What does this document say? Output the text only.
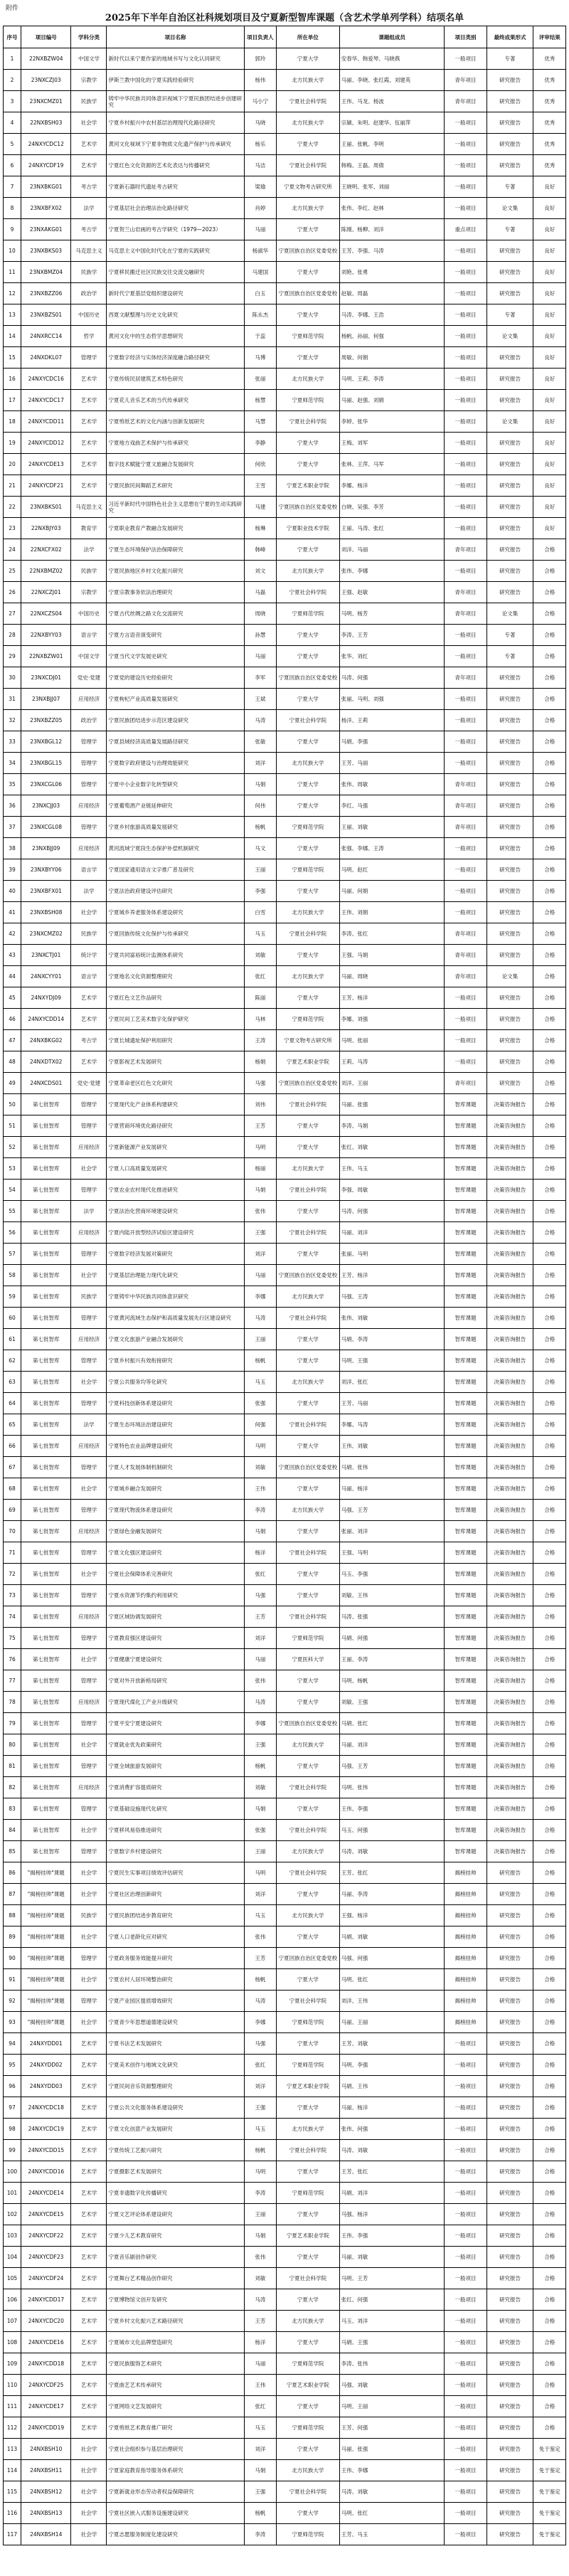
附件
2025年下半年自治区社科规划项目及宁夏新型智库课题（含艺术学单列学科）结项名单
序号	项目编号	学科分类	项目名称	项目负责人	所在单位	课题组成员	项目类别	最终成果形式	评审结果
1	22NXBZW04	中国文学	新时代以来宁夏作家的地域书写与文化认同研究	郭玲	宁夏大学	安春华、韩爱琴、马晓燕	一般项目	专著	优秀
2	23NXCZJ03	宗教学	伊斯兰教中国化的宁夏实践经验研究	杨伟	北方民族大学	马丽、李晓、张红霞、刘建英	青年项目	研究报告	优秀
3	23NXCMZ01	民族学	铸牢中华民族共同体意识视域下宁夏民族团结进步创建研究	马小宁	宁夏社会科学院	王伟、马龙、杨波	青年项目	研究报告	优秀
4	22NXBSH03	社会学	宁夏乡村振兴中农村基层治理现代化路径研究	马晓	北方民族大学	宗颖、朱明、赵建华、伍丽萍	一般项目	研究报告	优秀
5	24NXYCDC12	艺术学	黄河文化视域下宁夏非物质文化遗产保护与传承研究	杨乐	宁夏大学	王丽、张帆、李明	一般项目	研究报告	优秀
6	24NXYCDF19	艺术学	宁夏红色文化资源的艺术化表达与传播研究	马洁	宁夏社会科学院	韩梅、王磊、周倩	一般项目	研究报告	优秀
7	23NXBKG01	考古学	宁夏新石器时代遗址考古研究	梁瑜	宁夏文物考古研究所	王晓明、张军、刘丽	一般项目	专著	良好
8	23NXBFX02	法学	宁夏基层社会治理法治化路径研究	肖婷	北方民族大学	张伟、李红、赵林	一般项目	论文集	良好
9	23NXAKG01	考古学	宁夏贺兰山岩画的考古学研究（1979—2023）	马丽	宁夏大学	陈刚、杨柳、刘洋	重点项目	专著	良好
10	23NXBKS03	马克思主义	马克思主义中国化时代化在宁夏的实践研究	杨淑华	宁夏回族自治区党委党校	王芳、李强、马涛	一般项目	研究报告	良好
11	23NXBMZ04	民族学	宁夏移民搬迁社区民族交往交流交融研究	马建国	宁夏大学	刘艳、张勇	一般项目	研究报告	良好
12	23NXBZZ06	政治学	新时代宁夏基层党组织建设研究	白玉	宁夏回族自治区党委党校	赵敏、周磊	一般项目	研究报告	良好
13	23NXBZS01	中国历史	西夏文献整理与历史文化研究	陈永杰	宁夏大学	马涛、李娜、王浩	一般项目	专著	良好
14	24NXRCC14	哲学	黄河文化中的生态哲学思想研究	于蕊	宁夏师范学院	杨帆、孙丽、何强	一般项目	论文集	良好
15	24NXDKL07	管理学	宁夏数字经济与实体经济深度融合路径研究	马博	宁夏大学	周敏、何娟	一般项目	研究报告	良好
16	24NXYCDC16	艺术学	宁夏传统民居建筑艺术特色研究	张丽	北方民族大学	马明、王莉、李涛	一般项目	研究报告	良好
17	24NXYCDC17	艺术学	宁夏花儿音乐艺术的当代传承研究	杨慧	宁夏师范学院	马丽、赵强、刘娟	一般项目	研究报告	良好
18	24NXYCDD11	艺术学	宁夏剪纸艺术的文化内涵与创新发展研究	马慧	宁夏社会科学院	李婷、张华	一般项目	论文集	良好
19	24NXYCDD12	艺术学	宁夏地方戏曲艺术保护与传承研究	李静	宁夏大学	王梅、刘军	一般项目	研究报告	良好
20	24NXYCDE13	艺术学	数字技术赋能宁夏文旅融合发展研究	何欣	宁夏大学	张林、王萍、马军	一般项目	研究报告	良好
21	24NXYCDF21	艺术学	宁夏民族民间舞蹈艺术研究	王雪	宁夏艺术职业学院	李娜、杨洋	一般项目	研究报告	良好
22	23NXBKS01	马克思主义	习近平新时代中国特色社会主义思想在宁夏的生动实践研究	马建	宁夏回族自治区党委党校	白晓、吴强、李芳	一般项目	研究报告	良好
23	22NXBJY03	教育学	宁夏职业教育产教融合发展研究	杨琳	宁夏职业技术学院	王丽、马涛、张红	一般项目	研究报告	良好
24	22NXCFX02	法学	宁夏生态环境保护法治保障研究	韩峰	宁夏大学	刘洋、马丽	青年项目	研究报告	合格
25	22NXBMZ02	民族学	宁夏民族地区乡村文化振兴研究	刘文	北方民族大学	张伟、李娜	一般项目	研究报告	合格
26	22NXCZJ01	宗教学	宁夏宗教事务依法治理研究	马磊	宁夏社会科学院	王强、赵敏	青年项目	研究报告	合格
27	22NXCZS04	中国历史	宁夏古代丝绸之路文化交流研究	周晓	宁夏师范学院	马明、杨芳	青年项目	论文集	合格
28	22NXBYY03	语言学	宁夏方言语音演变研究	孙慧	宁夏大学	李涛、王芳	一般项目	专著	合格
29	22NXBZW01	中国文学	宁夏当代文学发展史研究	马丽	宁夏大学	张华、刘红	一般项目	专著	合格
30	23NXCDJ01	党史·党建	宁夏党的建设历史经验研究	李军	宁夏回族自治区党委党校	马涛、何强	青年项目	研究报告	合格
31	23NXBJJ07	应用经济	宁夏枸杞产业高质量发展研究	王斌	宁夏大学	张丽、马明、刘强	一般项目	研究报告	合格
32	23NXBZZ05	政治学	宁夏民族团结进步示范区建设研究	马涛	宁夏社会科学院	杨洋、王莉	一般项目	研究报告	合格
33	23NXBGL12	管理学	宁夏县域经济高质量发展路径研究	张敏	宁夏大学	马娟、李强	一般项目	研究报告	合格
34	23NXBGL15	管理学	宁夏数字政府建设与治理效能研究	刘洋	北方民族大学	王芳、马丽	一般项目	研究报告	合格
35	23NXCGL06	管理学	宁夏中小企业数字化转型研究	马娟	宁夏大学	张伟、周敏	青年项目	研究报告	合格
36	23NXCJJ03	应用经济	宁夏葡萄酒产业链延伸研究	何伟	宁夏大学	李红、马强	青年项目	研究报告	合格
37	23NXCGL08	管理学	宁夏乡村旅游高质量发展研究	杨帆	宁夏师范学院	王丽、刘敏	青年项目	研究报告	合格
38	23NXBJJ09	应用经济	黄河流域宁夏段生态保护补偿机制研究	马文	宁夏大学	张强、李娜、王涛	一般项目	研究报告	合格
39	23NXBYY06	语言学	宁夏国家通用语言文字推广普及研究	王丽	宁夏师范学院	马明、赵红	一般项目	研究报告	合格
40	23NXBFX01	法学	宁夏法治政府建设评估研究	李强	宁夏大学	马丽、何娟	一般项目	研究报告	合格
41	23NXBSH08	社会学	宁夏城乡养老服务体系建设研究	白雪	北方民族大学	王伟、刘娟	一般项目	研究报告	合格
42	23NXCMZ02	民族学	宁夏回族传统文化保护与传承研究	马玉	宁夏社会科学院	李涛、张红	青年项目	研究报告	合格
43	23NXCTJ01	统计学	宁夏共同富裕统计监测体系研究	刘敏	宁夏大学	王强、马娟	青年项目	研究报告	合格
44	24NXCYY01	语言学	宁夏地名文化资源整理研究	张红	北方民族大学	马丽、周晓	青年项目	论文集	合格
45	24NXYDJ09	艺术学	宁夏红色文艺作品研究	陈丽	宁夏大学	王芳、杨洋	一般项目	研究报告	合格
46	24NXYCDD14	艺术学	宁夏民间工艺美术数字化保护研究	马林	宁夏师范学院	李娜、刘强	一般项目	研究报告	合格
47	24NXBKG02	考古学	宁夏长城遗址保护利用研究	王涛	宁夏文物考古研究所	马明、张丽	一般项目	研究报告	合格
48	24NXDTX02	艺术学	宁夏影视艺术发展研究	杨娟	宁夏艺术职业学院	王莉、马涛	一般项目	研究报告	合格
49	24NXCDS01	党史·党建	宁夏革命老区红色文化研究	马强	宁夏回族自治区党委党校	刘洋、王丽	青年项目	研究报告	合格
50	第七批智库	管理学	宁夏现代化产业体系构建研究	刘伟	宁夏社会科学院	马丽、张强	智库课题	决策咨询报告	合格
51	第七批智库	管理学	宁夏营商环境优化路径研究	王芳	宁夏大学	李涛、马娟	智库课题	决策咨询报告	合格
52	第七批智库	应用经济	宁夏新能源产业发展研究	马明	宁夏大学	张红、刘敏	智库课题	决策咨询报告	合格
53	第七批智库	社会学	宁夏人口高质量发展研究	杨丽	北方民族大学	王伟、马玉	智库课题	决策咨询报告	合格
54	第七批智库	管理学	宁夏农业农村现代化推进研究	马娟	宁夏社会科学院	李强、周敏	智库课题	决策咨询报告	合格
55	第七批智库	法学	宁夏法治化营商环境建设研究	张伟	宁夏大学	马涛、何强	智库课题	决策咨询报告	合格
56	第七批智库	应用经济	宁夏内陆开放型经济试验区建设研究	王强	宁夏社会科学院	马丽、刘洋	智库课题	决策咨询报告	合格
57	第七批智库	管理学	宁夏数字经济发展对策研究	刘洋	宁夏大学	张丽、马明	智库课题	决策咨询报告	合格
58	第七批智库	社会学	宁夏基层治理能力现代化研究	马丽	宁夏回族自治区党委党校	王芳、杨洋	智库课题	决策咨询报告	合格
59	第七批智库	民族学	宁夏铸牢中华民族共同体意识研究	李娜	北方民族大学	马强、王涛	智库课题	决策咨询报告	合格
60	第七批智库	管理学	宁夏黄河流域生态保护和高质量发展先行区建设研究	马涛	宁夏社会科学院	张伟、刘敏	智库课题	决策咨询报告	合格
61	第七批智库	应用经济	宁夏文化旅游产业融合发展研究	王丽	宁夏大学	马娟、李涛	智库课题	决策咨询报告	合格
62	第七批智库	管理学	宁夏乡村振兴有效衔接研究	杨帆	宁夏大学	马明、王强	智库课题	决策咨询报告	合格
63	第七批智库	社会学	宁夏公共服务均等化研究	马玉	北方民族大学	刘洋、张红	智库课题	决策咨询报告	合格
64	第七批智库	管理学	宁夏科技创新体系建设研究	张强	宁夏大学	王芳、马丽	智库课题	决策咨询报告	合格
65	第七批智库	法学	宁夏生态环境法治建设研究	何强	宁夏社会科学院	李娜、马涛	智库课题	决策咨询报告	合格
66	第七批智库	应用经济	宁夏特色农业品牌建设研究	马明	宁夏大学	王伟、刘敏	智库课题	决策咨询报告	合格
67	第七批智库	管理学	宁夏人才发展体制机制研究	刘敏	宁夏回族自治区党委党校	马娟、张伟	智库课题	决策咨询报告	合格
68	第七批智库	社会学	宁夏城乡融合发展研究	王伟	宁夏大学	马丽、杨洋	智库课题	决策咨询报告	合格
69	第七批智库	管理学	宁夏现代物流体系建设研究	李涛	北方民族大学	马强、王芳	智库课题	决策咨询报告	合格
70	第七批智库	应用经济	宁夏绿色金融发展研究	马娟	宁夏大学	张丽、刘洋	智库课题	决策咨询报告	合格
71	第七批智库	管理学	宁夏文化强区建设研究	杨洋	宁夏社会科学院	王强、马明	智库课题	决策咨询报告	合格
72	第七批智库	社会学	宁夏社会保障体系完善研究	张红	宁夏大学	马玉、李强	智库课题	决策咨询报告	合格
73	第七批智库	管理学	宁夏水资源节约集约利用研究	马强	宁夏大学	刘敏、王伟	智库课题	决策咨询报告	合格
74	第七批智库	应用经济	宁夏区域协调发展研究	王芳	宁夏社会科学院	马涛、张强	智库课题	决策咨询报告	合格
75	第七批智库	管理学	宁夏教育强区建设研究	刘洋	宁夏师范学院	马娟、何强	智库课题	决策咨询报告	合格
76	第七批智库	社会学	宁夏健康宁夏建设研究	马丽	宁夏医科大学	王丽、李涛	智库课题	决策咨询报告	合格
77	第七批智库	管理学	宁夏对外开放新格局研究	张伟	宁夏大学	马明、杨帆	智库课题	决策咨询报告	合格
78	第七批智库	应用经济	宁夏现代煤化工产业升级研究	马涛	宁夏大学	刘敏、王强	智库课题	决策咨询报告	合格
79	第七批智库	管理学	宁夏平安宁夏建设研究	李娜	宁夏回族自治区党委党校	马娟、张红	智库课题	决策咨询报告	合格
80	第七批智库	社会学	宁夏就业优先政策研究	王强	北方民族大学	马丽、刘洋	智库课题	决策咨询报告	合格
81	第七批智库	管理学	宁夏全域旅游发展研究	杨帆	宁夏大学	马强、王芳	智库课题	决策咨询报告	合格
82	第七批智库	应用经济	宁夏消费扩容提质研究	刘敏	宁夏社会科学院	马明、张伟	智库课题	决策咨询报告	合格
83	第七批智库	管理学	宁夏基础设施现代化研究	马娟	宁夏大学	王伟、李强	智库课题	决策咨询报告	合格
84	第七批智库	社会学	宁夏移风易俗推进研究	张强	宁夏社会科学院	马玉、何强	智库课题	决策咨询报告	合格
85	第七批智库	管理学	宁夏数字乡村建设研究	王丽	北方民族大学	马涛、刘敏	智库课题	决策咨询报告	合格
86	"揭榜挂帅"课题	社会学	宁夏民生实事项目绩效评估研究	马明	宁夏社会科学院	王芳、张红	揭榜挂帅	研究报告	合格
87	"揭榜挂帅"课题	社会学	宁夏社区治理创新研究	刘洋	宁夏大学	马丽、李涛	揭榜挂帅	研究报告	合格
88	"揭榜挂帅"课题	民族学	宁夏民族团结进步教育研究	马玉	北方民族大学	王强、杨洋	揭榜挂帅	研究报告	合格
89	"揭榜挂帅"课题	社会学	宁夏人口老龄化应对研究	张伟	宁夏大学	马娟、刘敏	揭榜挂帅	研究报告	合格
90	"揭榜挂帅"课题	管理学	宁夏政务服务效能提升研究	王芳	宁夏回族自治区党委党校	马强、何强	揭榜挂帅	研究报告	合格
91	"揭榜挂帅"课题	社会学	宁夏农村人居环境整治研究	杨帆	宁夏大学	马明、张红	揭榜挂帅	研究报告	合格
92	"揭榜挂帅"课题	管理学	宁夏产业园区提质增效研究	马涛	宁夏社会科学院	刘洋、王伟	揭榜挂帅	研究报告	合格
93	"揭榜挂帅"课题	社会学	宁夏青少年思想道德建设研究	李娜	宁夏师范学院	马丽、王丽	揭榜挂帅	研究报告	合格
94	24NXYDD01	艺术学	宁夏书法艺术发展研究	马强	宁夏大学	王芳、刘敏	一般项目	研究报告	合格
95	24NXYDD02	艺术学	宁夏美术创作与地域文化研究	张红	宁夏师范学院	马明、李强	一般项目	研究报告	合格
96	24NXYDD03	艺术学	宁夏民间音乐资源整理研究	刘洋	宁夏艺术职业学院	马娟、王伟	一般项目	研究报告	合格
97	24NXYCDC18	艺术学	宁夏公共文化服务体系建设研究	王强	宁夏大学	马丽、杨洋	一般项目	研究报告	合格
98	24NXYCDC19	艺术学	宁夏文化创意产业发展研究	马玉	北方民族大学	张伟、何强	一般项目	研究报告	合格
99	24NXYCDD15	艺术学	宁夏传统工艺振兴研究	杨帆	宁夏社会科学院	马涛、刘敏	一般项目	研究报告	合格
100	24NXYCDD16	艺术学	宁夏摄影艺术发展研究	马明	宁夏大学	王芳、张红	一般项目	研究报告	合格
101	24NXYCDE14	艺术学	宁夏非遗数字化传播研究	李涛	宁夏师范学院	马娟、刘洋	一般项目	研究报告	合格
102	24NXYCDE15	艺术学	宁夏文艺评论体系建设研究	王丽	宁夏大学	马强、杨洋	一般项目	研究报告	合格
103	24NXYCDF22	艺术学	宁夏少儿艺术教育研究	马娟	宁夏艺术职业学院	王伟、李强	一般项目	研究报告	合格
104	24NXYCDF23	艺术学	宁夏音乐剧创作研究	张伟	宁夏大学	马丽、刘敏	一般项目	研究报告	合格
105	24NXYCDF24	艺术学	宁夏舞台艺术精品创作研究	刘敏	宁夏社会科学院	马明、王芳	一般项目	研究报告	合格
106	24NXYCDD17	艺术学	宁夏博物馆文创开发研究	马涛	宁夏大学	张红、何强	一般项目	研究报告	合格
107	24NXYCDC20	艺术学	宁夏乡村文化振兴艺术路径研究	王芳	北方民族大学	马玉、刘洋	一般项目	研究报告	合格
108	24NXYCDE16	艺术学	宁夏城市文化品牌塑造研究	杨洋	宁夏大学	马娟、王强	一般项目	研究报告	合格
109	24NXYCDD18	艺术学	宁夏民族服饰艺术研究	马丽	宁夏师范学院	李涛、张伟	一般项目	研究报告	合格
110	24NXYCDF25	艺术学	宁夏曲艺艺术传承研究	王伟	宁夏艺术职业学院	马强、刘敏	一般项目	研究报告	合格
111	24NXYCDE17	艺术学	宁夏网络文艺发展研究	张红	宁夏大学	马明、王丽	一般项目	研究报告	合格
112	24NXYCDD19	艺术学	宁夏剪纸艺术教育推广研究	马玉	宁夏师范学院	王芳、何强	一般项目	研究报告	合格
113	24NXBSH10	社会学	宁夏社会组织参与基层治理研究	刘洋	宁夏大学	马丽、张强	一般项目	研究报告	免于鉴定
114	24NXBSH11	社会学	宁夏家庭教育指导服务体系研究	马娟	北方民族大学	王伟、李娜	一般项目	研究报告	免于鉴定
115	24NXBSH12	社会学	宁夏新就业形态劳动者权益保障研究	王强	宁夏社会科学院	马涛、刘敏	一般项目	研究报告	免于鉴定
116	24NXBSH13	社会学	宁夏社区嵌入式服务设施建设研究	杨帆	宁夏大学	马明、张红	一般项目	研究报告	免于鉴定
117	24NXBSH14	社会学	宁夏志愿服务制度化建设研究	李涛	宁夏师范学院	王芳、马玉	一般项目	研究报告	免于鉴定
